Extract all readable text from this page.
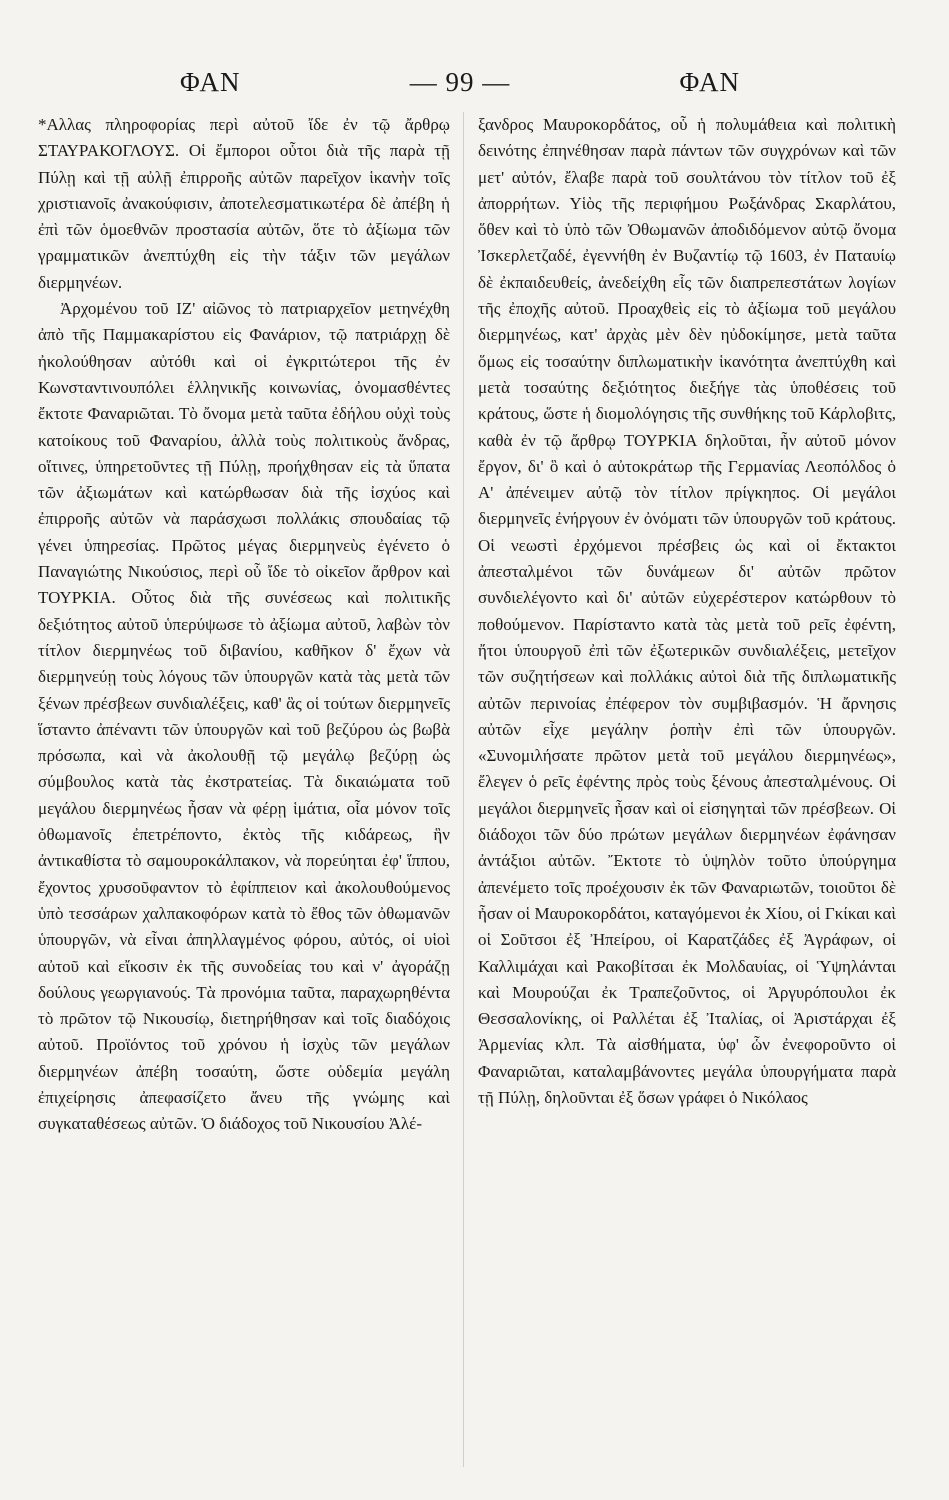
ΦΑΝ	— 99 —	ΦΑΝ

*Αλλας πληροφορίας περὶ αὐτοῦ ἴδε ἐν τῷ ἄρθρῳ ΣΤΑΥΡΑΚΟΓΛΟΥΣ. Οἱ ἔμποροι οὗτοι διὰ τῆς παρὰ τῇ Πύλῃ καὶ τῇ αὐλῇ ἐπιρροῆς αὐτῶν παρεῖχον ἱκανὴν τοῖς χριστιανοῖς ἀνακούφισιν, ἀποτελεσματικωτέρα δὲ ἀπέβη ἡ ἐπὶ τῶν ὁμοεθνῶν προστασία αὐτῶν, ὅτε τὸ ἀξίωμα τῶν γραμματικῶν ἀνεπτύχθη εἰς τὴν τάξιν τῶν μεγάλων διερμηνέων.

Ἀρχομένου τοῦ ΙΖ' αἰῶνος τὸ πατριαρχεῖον μετηνέχθη ἀπὸ τῆς Παμμακαρίστου εἰς Φανάριον, τῷ πατριάρχῃ δὲ ἠκολούθησαν αὐτόθι καὶ οἱ ἐγκριτώτεροι τῆς ἐν Κωνσταντινουπόλει ἑλληνικῆς κοινωνίας, ὀνομασθέντες ἔκτοτε Φαναριῶται. Τὸ ὄνομα μετὰ ταῦτα ἐδήλου οὐχὶ τοὺς κατοίκους τοῦ Φαναρίου, ἀλλὰ τοὺς πολιτικοὺς ἄνδρας, οἵτινες, ὑπηρετοῦντες τῇ Πύλῃ, προήχθησαν εἰς τὰ ὕπατα τῶν ἀξιωμάτων καὶ κατώρθωσαν διὰ τῆς ἰσχύος καὶ ἐπιρροῆς αὐτῶν νὰ παράσχωσι πολλάκις σπουδαίας τῷ γένει ὑπηρεσίας. Πρῶτος μέγας διερμηνεὺς ἐγένετο ὁ Παναγιώτης Νικούσιος, περὶ οὗ ἴδε τὸ οἰκεῖον ἄρθρον καὶ ΤΟΥΡΚΙΑ. Οὗτος διὰ τῆς συνέσεως καὶ πολιτικῆς δεξιότητος αὐτοῦ ὑπερύψωσε τὸ ἀξίωμα αὐτοῦ, λαβὼν τὸν τίτλον διερμηνέως τοῦ διβανίου, καθῆκον δ' ἔχων νὰ διερμηνεύῃ τοὺς λόγους τῶν ὑπουργῶν κατὰ τὰς μετὰ τῶν ξένων πρέσβεων συνδιαλέξεις, καθ' ἃς οἱ τούτων διερμηνεῖς ἵσταντο ἀπέναντι τῶν ὑπουργῶν καὶ τοῦ βεζύρου ὡς βωβὰ πρόσωπα, καὶ νὰ ἀκολουθῇ τῷ μεγάλῳ βεζύρῃ ὡς σύμβουλος κατὰ τὰς ἐκστρατείας. Τὰ δικαιώματα τοῦ μεγάλου διερμηνέως ἦσαν νὰ φέρῃ ἱμάτια, οἷα μόνον τοῖς ὀθωμανοῖς ἐπετρέποντο, ἐκτὸς τῆς κιδάρεως, ἣν ἀντικαθίστα τὸ σαμουροκάλπακον, νὰ πορεύηται ἐφ' ἵππου, ἔχοντος χρυσοῦφαντον τὸ ἐφίππειον καὶ ἀκολουθούμενος ὑπὸ τεσσάρων χαλπακοφόρων κατὰ τὸ ἔθος τῶν ὀθωμανῶν ὑπουργῶν, νὰ εἶναι ἀπηλλαγμένος φόρου, αὐτός, οἱ υἱοὶ αὐτοῦ καὶ εἴκοσιν ἐκ τῆς συνοδείας του καὶ ν' ἀγοράζῃ δούλους γεωργιανούς. Τὰ προνόμια ταῦτα, παραχωρηθέντα τὸ πρῶτον τῷ Νικουσίῳ, διετηρήθησαν καὶ τοῖς διαδόχοις αὐτοῦ. Προϊόντος τοῦ χρόνου ἡ ἰσχὺς τῶν μεγάλων διερμηνέων ἀπέβη τοσαύτη, ὥστε οὐδεμία μεγάλη ἐπιχείρησις ἀπεφασίζετο ἄνευ τῆς γνώμης καὶ συγκαταθέσεως αὐτῶν. Ὁ διάδοχος τοῦ Νικουσίου Ἀλέ-

ξανδρος Μαυροκορδάτος, οὗ ἡ πολυμάθεια καὶ πολιτικὴ δεινότης ἐπηνέθησαν παρὰ πάντων τῶν συγχρόνων καὶ τῶν μετ' αὐτόν, ἔλαβε παρὰ τοῦ σουλτάνου τὸν τίτλον τοῦ ἐξ ἀπορρήτων. Υἱὸς τῆς περιφήμου Ρωξάνδρας Σκαρλάτου, ὅθεν καὶ τὸ ὑπὸ τῶν Ὀθωμανῶν ἀποδιδόμενον αὐτῷ ὄνομα Ἰσκερλετζαδέ, ἐγεννήθη ἐν Βυζαντίῳ τῷ 1603, ἐν Παταυίῳ δὲ ἐκπαιδευθείς, ἀνεδείχθη εἷς τῶν διαπρεπεστάτων λογίων τῆς ἐποχῆς αὐτοῦ. Προαχθεὶς εἰς τὸ ἀξίωμα τοῦ μεγάλου διερμηνέως, κατ' ἀρχὰς μὲν δὲν ηὐδοκίμησε, μετὰ ταῦτα ὅμως εἰς τοσαύτην διπλωματικὴν ἱκανότητα ἀνεπτύχθη καὶ μετὰ τοσαύτης δεξιότητος διεξήγε τὰς ὑποθέσεις τοῦ κράτους, ὥστε ἡ διομολόγησις τῆς συνθήκης τοῦ Κάρλοβιτς, καθὰ ἐν τῷ ἄρθρῳ ΤΟΥΡΚΙΑ δηλοῦται, ἦν αὐτοῦ μόνον ἔργον, δι' ὃ καὶ ὁ αὐτοκράτωρ τῆς Γερμανίας Λεοπόλδος ὁ Α' ἀπένειμεν αὐτῷ τὸν τίτλον πρίγκηπος. Οἱ μεγάλοι διερμηνεῖς ἐνήργουν ἐν ὀνόματι τῶν ὑπουργῶν τοῦ κράτους. Οἱ νεωστὶ ἐρχόμενοι πρέσβεις ὡς καὶ οἱ ἔκτακτοι ἀπεσταλμένοι τῶν δυνάμεων δι' αὐτῶν πρῶτον συνδιελέγοντο καὶ δι' αὐτῶν εὐχερέστερον κατώρθουν τὸ ποθούμενον. Παρίσταντο κατὰ τὰς μετὰ τοῦ ρεῖς ἐφέντη, ἤτοι ὑπουργοῦ ἐπὶ τῶν ἐξωτερικῶν συνδιαλέξεις, μετεῖχον τῶν συζητήσεων καὶ πολλάκις αὐτοὶ διὰ τῆς διπλωματικῆς αὐτῶν περινοίας ἐπέφερον τὸν συμβιβασμόν. Ἡ ἄρνησις αὐτῶν εἶχε μεγάλην ῥοπὴν ἐπὶ τῶν ὑπουργῶν. «Συνομιλήσατε πρῶτον μετὰ τοῦ μεγάλου διερμηνέως», ἔλεγεν ὁ ρεῖς ἐφέντης πρὸς τοὺς ξένους ἀπεσταλμένους. Οἱ μεγάλοι διερμηνεῖς ἦσαν καὶ οἱ εἰσηγηταὶ τῶν πρέσβεων. Οἱ διάδοχοι τῶν δύο πρώτων μεγάλων διερμηνέων ἐφάνησαν ἀντάξιοι αὐτῶν. Ἔκτοτε τὸ ὑψηλὸν τοῦτο ὑπούργημα ἀπενέμετο τοῖς προέχουσιν ἐκ τῶν Φαναριωτῶν, τοιοῦτοι δὲ ἦσαν οἱ Μαυροκορδάτοι, καταγόμενοι ἐκ Χίου, οἱ Γκίκαι καὶ οἱ Σοῦτσοι ἐξ Ἠπείρου, οἱ Καρατζάδες ἐξ Ἀγράφων, οἱ Καλλιμάχαι καὶ Ρακοβίτσαι ἐκ Μολδαυίας, οἱ Ὑψηλάνται καὶ Μουρούζαι ἐκ Τραπεζοῦντος, οἱ Ἀργυρόπουλοι ἐκ Θεσσαλονίκης, οἱ Ραλλέται ἐξ Ἰταλίας, οἱ Ἀριστάρχαι ἐξ Ἀρμενίας κλπ. Τὰ αἰσθήματα, ὑφ' ὧν ἐνεφοροῦντο οἱ Φαναριῶται, καταλαμβάνοντες μεγάλα ὑπουργήματα παρὰ τῇ Πύλῃ, δηλοῦνται ἐξ ὅσων γράφει ὁ Νικόλαος
